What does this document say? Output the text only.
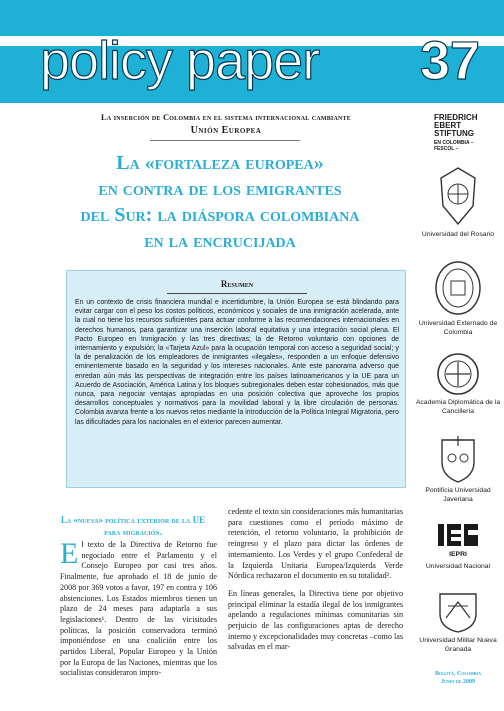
policy paper 37
La inserción de Colombia en el sistema internacional cambiante
Unión Europea
La «fortaleza europea»
en contra de los emigrantes
del Sur: la diáspora colombiana
en la encrucijada
Resumen
En un contexto de crisis financiera mundial e incertidumbre, la Unión Europea se está blindando para evitar cargar con el peso los costos políticos, económicos y sociales de una inmigración acelerada, ante la cual no tiene los recursos suficientes para actuar conforme a las recomendaciones internacionales en derechos humanos, para garantizar una inserción laboral equitativa y una integración social plena. El Pacto Europeo en Inmigración y las tres directivas; la de Retorno voluntario con opciones de internamiento y expulsión; la «Tarjeta Azul» para la ocupación temporal con acceso a seguridad social; y la de penalización de los empleadores de inmigrantes «ilegales», responden a un enfoque defensivo eminentemente basado en la seguridad y los intereses nacionales. Ante este panorama adverso que enredan aún más las perspectivas de integración entre los países latinoamericanos y la UE para un Acuerdo de Asociación, América Latina y los bloques subregionales deben estar cohesionados, más que nunca, para negociar ventajas apropiadas en una posición colectiva que aproveche los propios desarrollos conceptuales y normativos para la movilidad laboral y la libre circulación de personas. Colombia avanza frente a los nuevos retos mediante la introducción de la Política Integral Migratoria, pero las dificultades para los nacionales en el exterior parecen aumentar.
FRIEDRICH EBERT STIFTUNG
EN COLOMBIA – FESCOL –
Universidad del Rosario
Universidad Externado de Colombia
Academia Diplomática de la Cancillería
Pontificia Universidad Javeriana
IEPRI
Universidad Nacional
Universidad Militar Nueva Granada
Bogotá, Colombia
Junio de 2009
La «nueva» política exterior de la UE para migración.

E l texto de la Directiva de Retorno fue negociado entre el Parlamento y el Consejo Europeo por casi tres años. Finalmente, fue aprobado el 18 de junio de 2008 por 369 votos a favor, 197 en contra y 106 abstenciones. Los Estados miembros tienen un plazo de 24 meses para adaptarla a sus legislaciones¹. Dentro de las vicisitudes políticas, la posición conservadora terminó imponiéndose en una coalición entre los partidos Liberal, Popular Europeo y la Unión por la Europa de las Naciones, mientras que los socialistas consideraron impro-

cedente el texto sin consideraciones más humanitarias para cuestiones como el período máximo de retención, el retorno voluntario, la prohibición de reingreso y el plazo para dictar las órdenes de internamiento. Los Verdes y el grupo Confederal de la Izquierda Unitaria Europea/Izquierda Verde Nórdica rechazaron el documento en su totalidad².

En líneas generales, la Directiva tiene por objetivo principal eliminar la estadía ilegal de los inmigrantes apelando a regulaciones mínimas comunitarias sin perjuicio de las configuraciones aptas de derecho interno y excepcionalidades muy concretas –como las salvadas en el mar-
